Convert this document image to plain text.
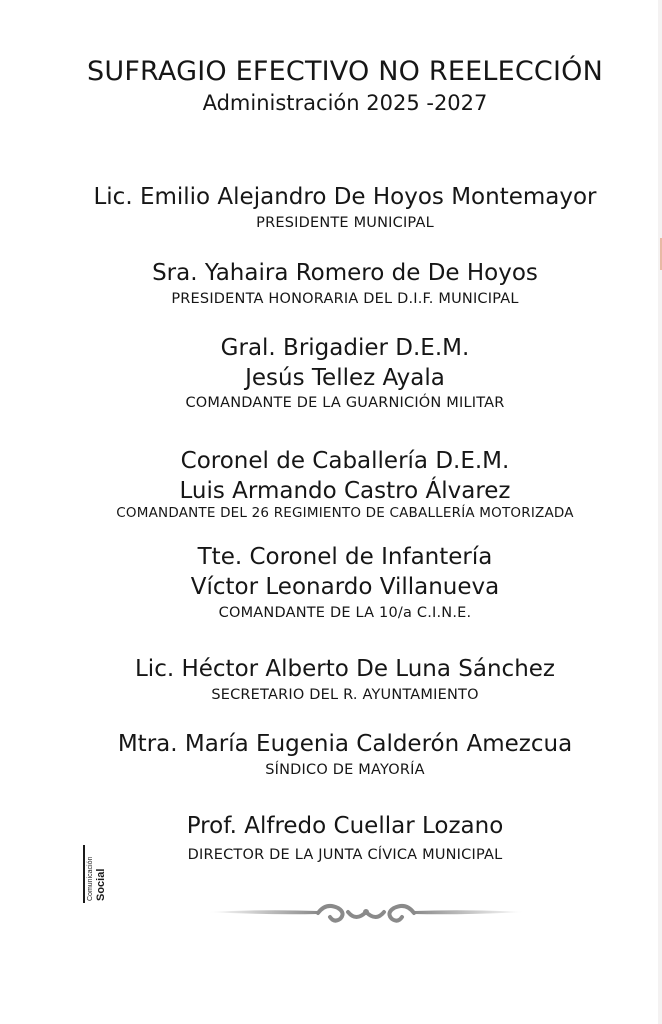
SUFRAGIO EFECTIVO NO REELECCIÓN
Administración 2025 -2027
Lic. Emilio Alejandro De Hoyos Montemayor
PRESIDENTE MUNICIPAL
Sra. Yahaira Romero de De Hoyos
PRESIDENTA HONORARIA DEL D.I.F. MUNICIPAL
Gral. Brigadier D.E.M.
Jesús Tellez Ayala
COMANDANTE DE LA GUARNICIÓN MILITAR
Coronel de Caballería D.E.M.
Luis Armando Castro Álvarez
COMANDANTE DEL 26 REGIMIENTO DE CABALLERÍA MOTORIZADA
Tte. Coronel de Infantería
Víctor Leonardo Villanueva
COMANDANTE DE LA 10/a C.I.N.E.
Lic. Héctor Alberto De Luna Sánchez
SECRETARIO DEL R. AYUNTAMIENTO
Mtra. María Eugenia Calderón Amezcua
SÍNDICO DE MAYORÍA
Prof. Alfredo Cuellar Lozano
DIRECTOR DE LA JUNTA CÍVICA MUNICIPAL
Comunicación Social
